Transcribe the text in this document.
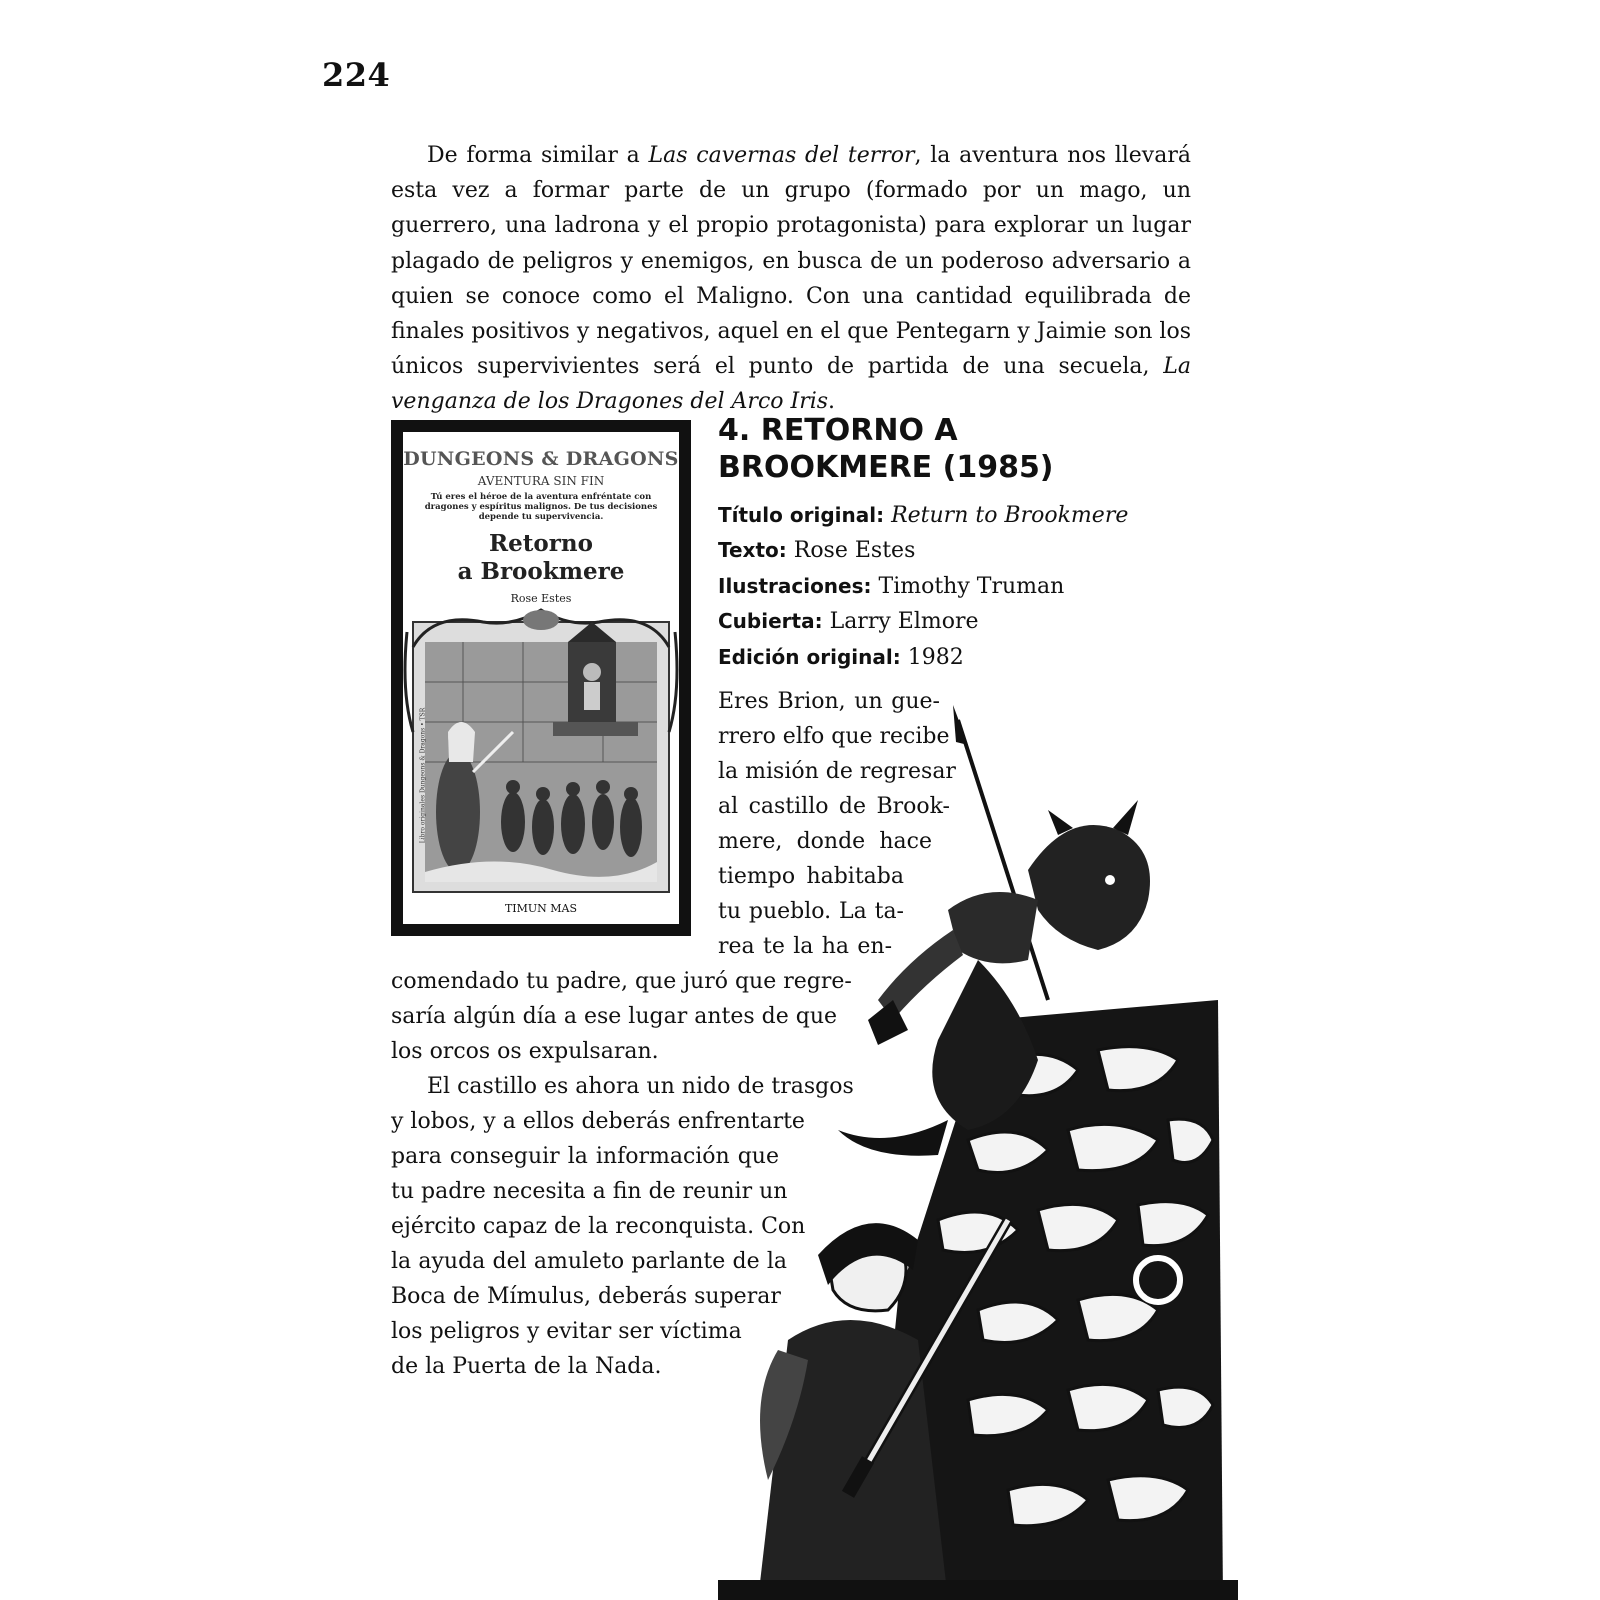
224

De forma similar a Las cavernas del terror, la aventura nos llevará esta vez a formar parte de un grupo (formado por un mago, un guerrero, una ladrona y el propio protagonista) para explorar un lugar plagado de peligros y enemigos, en busca de un poderoso adversario a quien se conoce como el Maligno. Con una cantidad equilibrada de finales positivos y negativos, aquel en el que Pentegarn y Jaimie son los únicos supervivientes será el punto de partida de una secuela, La venganza de los Dragones del Arco Iris.

DUNGEONS & DRAGONS
AVENTURA SIN FIN
Tú eres el héroe de la aventura enfréntate con dragones y espíritus malignos. De tus decisiones depende tu supervivencia.
Retorno
a Brookmere
Rose Estes
TIMUN MAS
Libro originales Dungeons & Dragons • TSR
4. RETORNO A
BROOKMERE (1985)
Título original: Return to Brookmere
Texto: Rose Estes
Ilustraciones: Timothy Truman
Cubierta: Larry Elmore
Edición original: 1982
Eres Brion, un gue-
rrero elfo que recibe
la misión de regresar
al castillo de Brook-
mere, donde hace
tiempo habitaba
tu pueblo. La ta-
rea te la ha en-
comendado tu padre, que juró que regre-
saría algún día a ese lugar antes de que
los orcos os expulsaran.
El castillo es ahora un nido de trasgos
y lobos, y a ellos deberás enfrentarte
para conseguir la información que
tu padre necesita a fin de reunir un
ejército capaz de la reconquista. Con
la ayuda del amuleto parlante de la
Boca de Mímulus, deberás superar
los peligros y evitar ser víctima
de la Puerta de la Nada.
